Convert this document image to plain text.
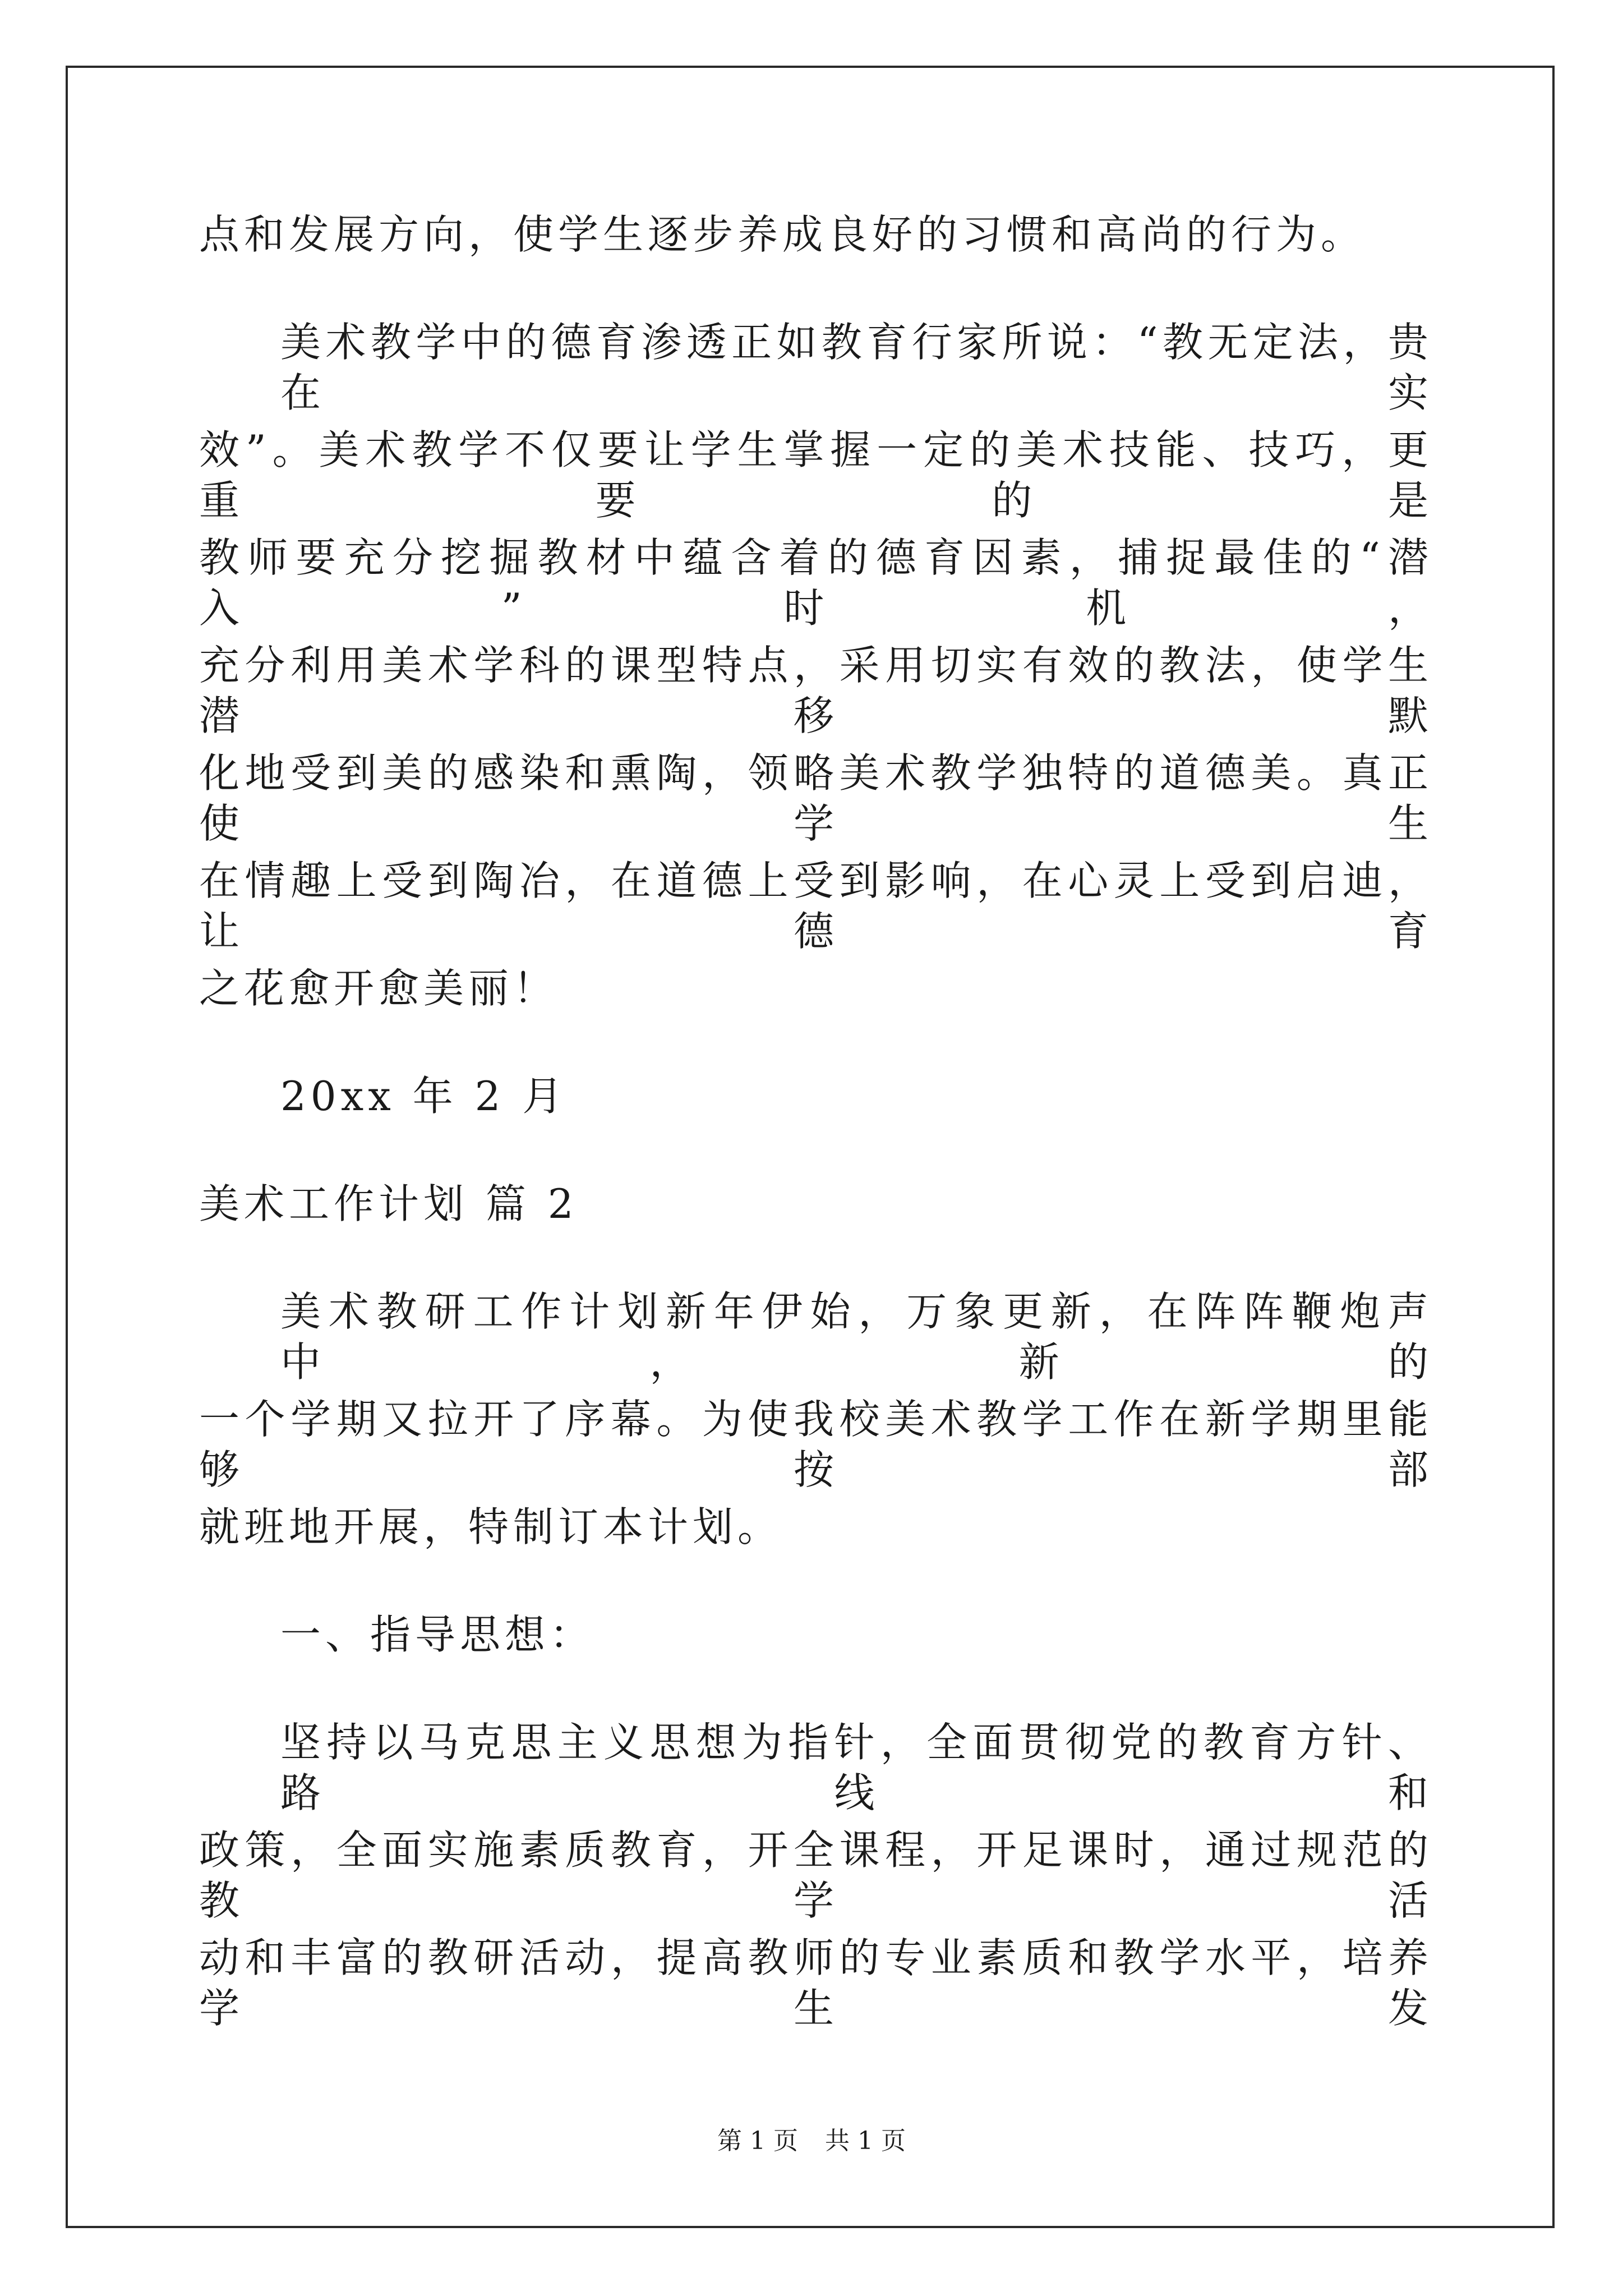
点和发展方向，使学生逐步养成良好的习惯和高尚的行为。
美术教学中的德育渗透正如教育行家所说：“教无定法，贵在实
效”。美术教学不仅要让学生掌握一定的美术技能、技巧，更重要的是
教师要充分挖掘教材中蕴含着的德育因素，捕捉最佳的“潜入”时机，
充分利用美术学科的课型特点，采用切实有效的教法，使学生潜移默
化地受到美的感染和熏陶，领略美术教学独特的道德美。真正使学生
在情趣上受到陶冶，在道德上受到影响，在心灵上受到启迪，让德育
之花愈开愈美丽！
20xx 年 2 月
美术工作计划 篇 2
美术教研工作计划新年伊始，万象更新，在阵阵鞭炮声中，新的
一个学期又拉开了序幕。为使我校美术教学工作在新学期里能够按部
就班地开展，特制订本计划。
一、指导思想：
坚持以马克思主义思想为指针，全面贯彻党的教育方针、路线和
政策，全面实施素质教育，开全课程，开足课时，通过规范的教学活
动和丰富的教研活动，提高教师的专业素质和教学水平，培养学生发
第 1 页 共 1 页
